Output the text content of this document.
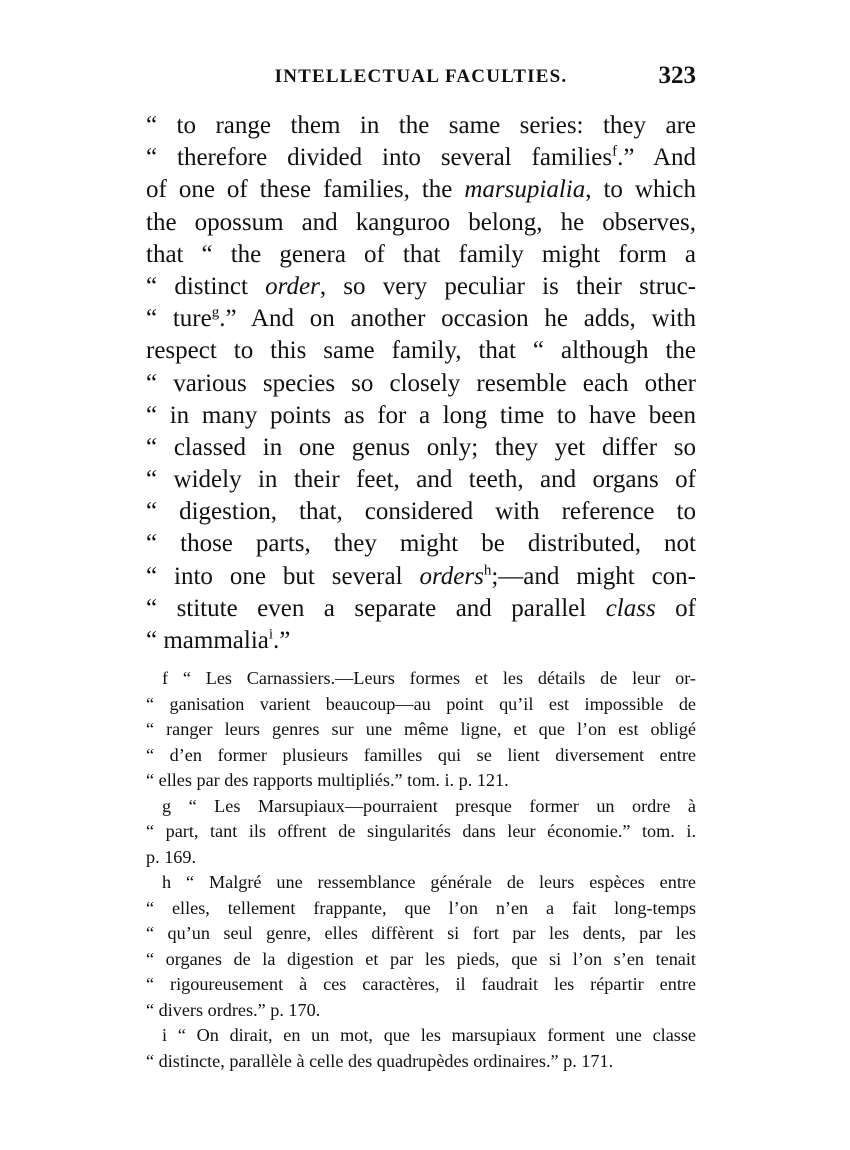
INTELLECTUAL FACULTIES.	323
“ to range them in the same series: they are
“ therefore divided into several families$^f$.” And
of one of these families, the marsupialia, to which
the opossum and kanguroo belong, he observes,
that “ the genera of that family might form a
“ distinct order, so very peculiar is their struc-
“ ture$^g$.” And on another occasion he adds, with
respect to this same family, that “ although the
“ various species so closely resemble each other
“ in many points as for a long time to have been
“ classed in one genus only; they yet differ so
“ widely in their feet, and teeth, and organs of
“ digestion, that, considered with reference to
“ those parts, they might be distributed, not
“ into one but several orders$^h$;—and might con-
“ stitute even a separate and parallel class of
“ mammalia$^i$.”
f “ Les Carnassiers.—Leurs formes et les détails de leur or-
“ ganisation varient beaucoup—au point qu’il est impossible de
“ ranger leurs genres sur une même ligne, et que l’on est obligé
“ d’en former plusieurs familles qui se lient diversement entre
“ elles par des rapports multipliés.” tom. i. p. 121.
g “ Les Marsupiaux—pourraient presque former un ordre à
“ part, tant ils offrent de singularités dans leur économie.” tom. i.
p. 169.
h “ Malgré une ressemblance générale de leurs espèces entre
“ elles, tellement frappante, que l’on n’en a fait long-temps
“ qu’un seul genre, elles diffèrent si fort par les dents, par les
“ organes de la digestion et par les pieds, que si l’on s’en tenait
“ rigoureusement à ces caractères, il faudrait les répartir entre
“ divers ordres.” p. 170.
i “ On dirait, en un mot, que les marsupiaux forment une classe
“ distincte, parallèle à celle des quadrupèdes ordinaires.” p. 171.
